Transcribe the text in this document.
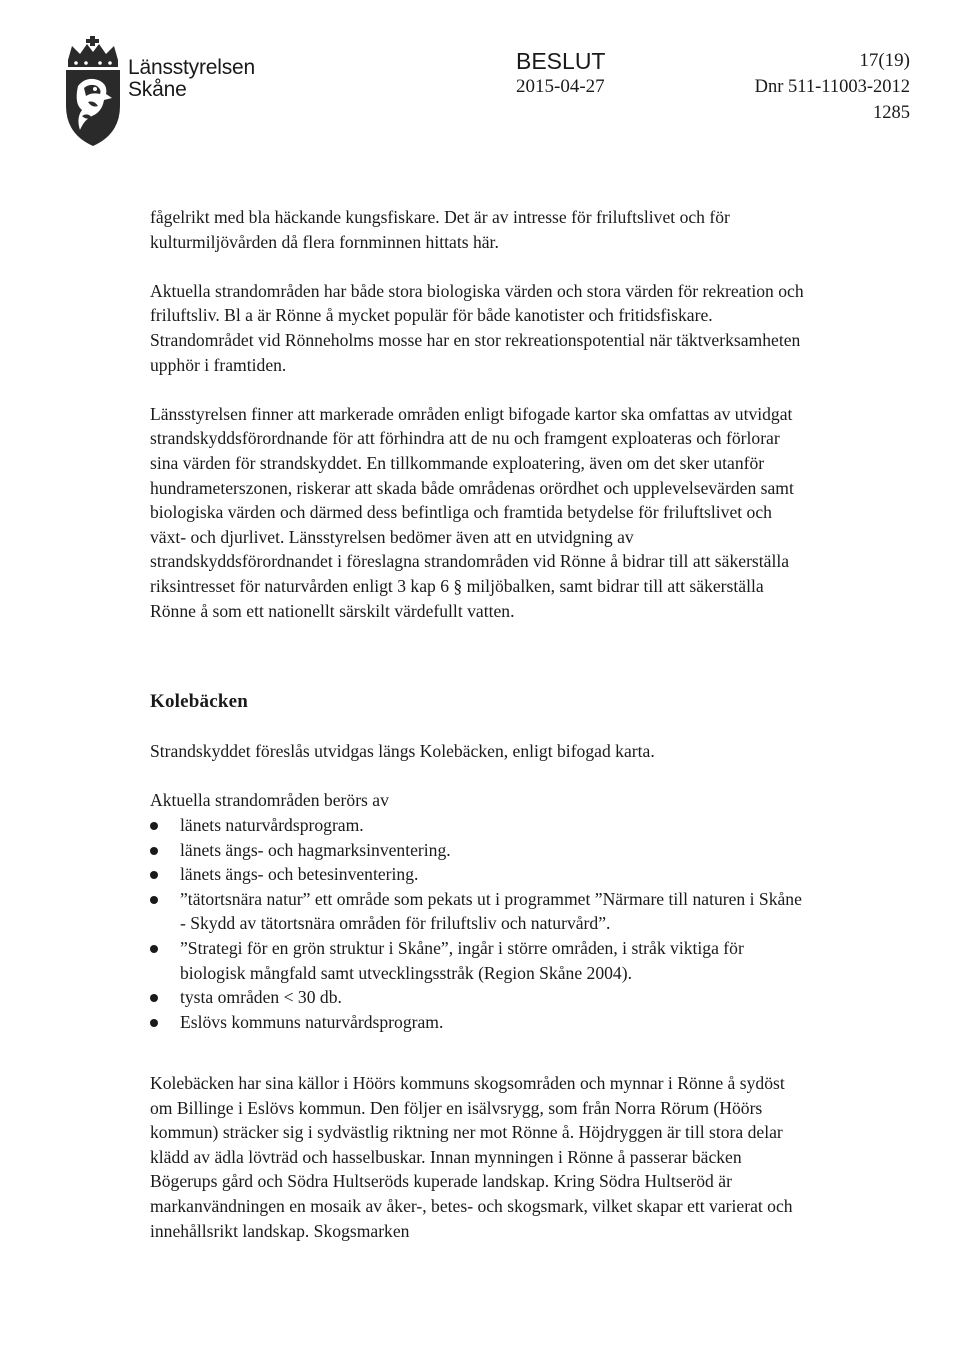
Länsstyrelsen
Skåne
BESLUT	17(19)
2015-04-27	Dnr 511-11003-2012
1285

fågelrikt med bla häckande kungsfiskare. Det är av intresse för friluftslivet och för kulturmiljövården då flera fornminnen hittats här.

Aktuella strandområden har både stora biologiska värden och stora värden för rekreation och friluftsliv. Bl a är Rönne å mycket populär för både kanotister och fritidsfiskare. Strandområdet vid Rönneholms mosse har en stor rekreationspotential när täktverksamheten upphör i framtiden.

Länsstyrelsen finner att markerade områden enligt bifogade kartor ska omfattas av utvidgat strandskyddsförordnande för att förhindra att de nu och framgent exploateras och förlorar sina värden för strandskyddet. En tillkommande exploatering, även om det sker utanför hundrameterszonen, riskerar att skada både områdenas orördhet och upplevelsevärden samt biologiska värden och därmed dess befintliga och framtida betydelse för friluftslivet och växt- och djurlivet. Länsstyrelsen bedömer även att en utvidgning av strandskyddsförordnandet i föreslagna strandområden vid Rönne å bidrar till att säkerställa riksintresset för naturvården enligt 3 kap 6 § miljöbalken, samt bidrar till att säkerställa Rönne å som ett nationellt särskilt värdefullt vatten.

Kolebäcken

Strandskyddet föreslås utvidgas längs Kolebäcken, enligt bifogad karta.

Aktuella strandområden berörs av

länets naturvårdsprogram.
länets ängs- och hagmarksinventering.
länets ängs- och betesinventering.
”tätortsnära natur” ett område som pekats ut i programmet ”Närmare till naturen i Skåne - Skydd av tätortsnära områden för friluftsliv och naturvård”.
”Strategi för en grön struktur i Skåne”, ingår i större områden, i stråk viktiga för biologisk mångfald samt utvecklingsstråk (Region Skåne 2004).
tysta områden < 30 db.
Eslövs kommuns naturvårdsprogram.

Kolebäcken har sina källor i Höörs kommuns skogsområden och mynnar i Rönne å sydöst om Billinge i Eslövs kommun. Den följer en isälvsrygg, som från Norra Rörum (Höörs kommun) sträcker sig i sydvästlig riktning ner mot Rönne å. Höjdryggen är till stora delar klädd av ädla lövträd och hasselbuskar. Innan mynningen i Rönne å passerar bäcken Bögerups gård och Södra Hultseröds kuperade landskap. Kring Södra Hultseröd är markanvändningen en mosaik av åker-, betes- och skogsmark, vilket skapar ett varierat och innehållsrikt landskap. Skogsmarken
